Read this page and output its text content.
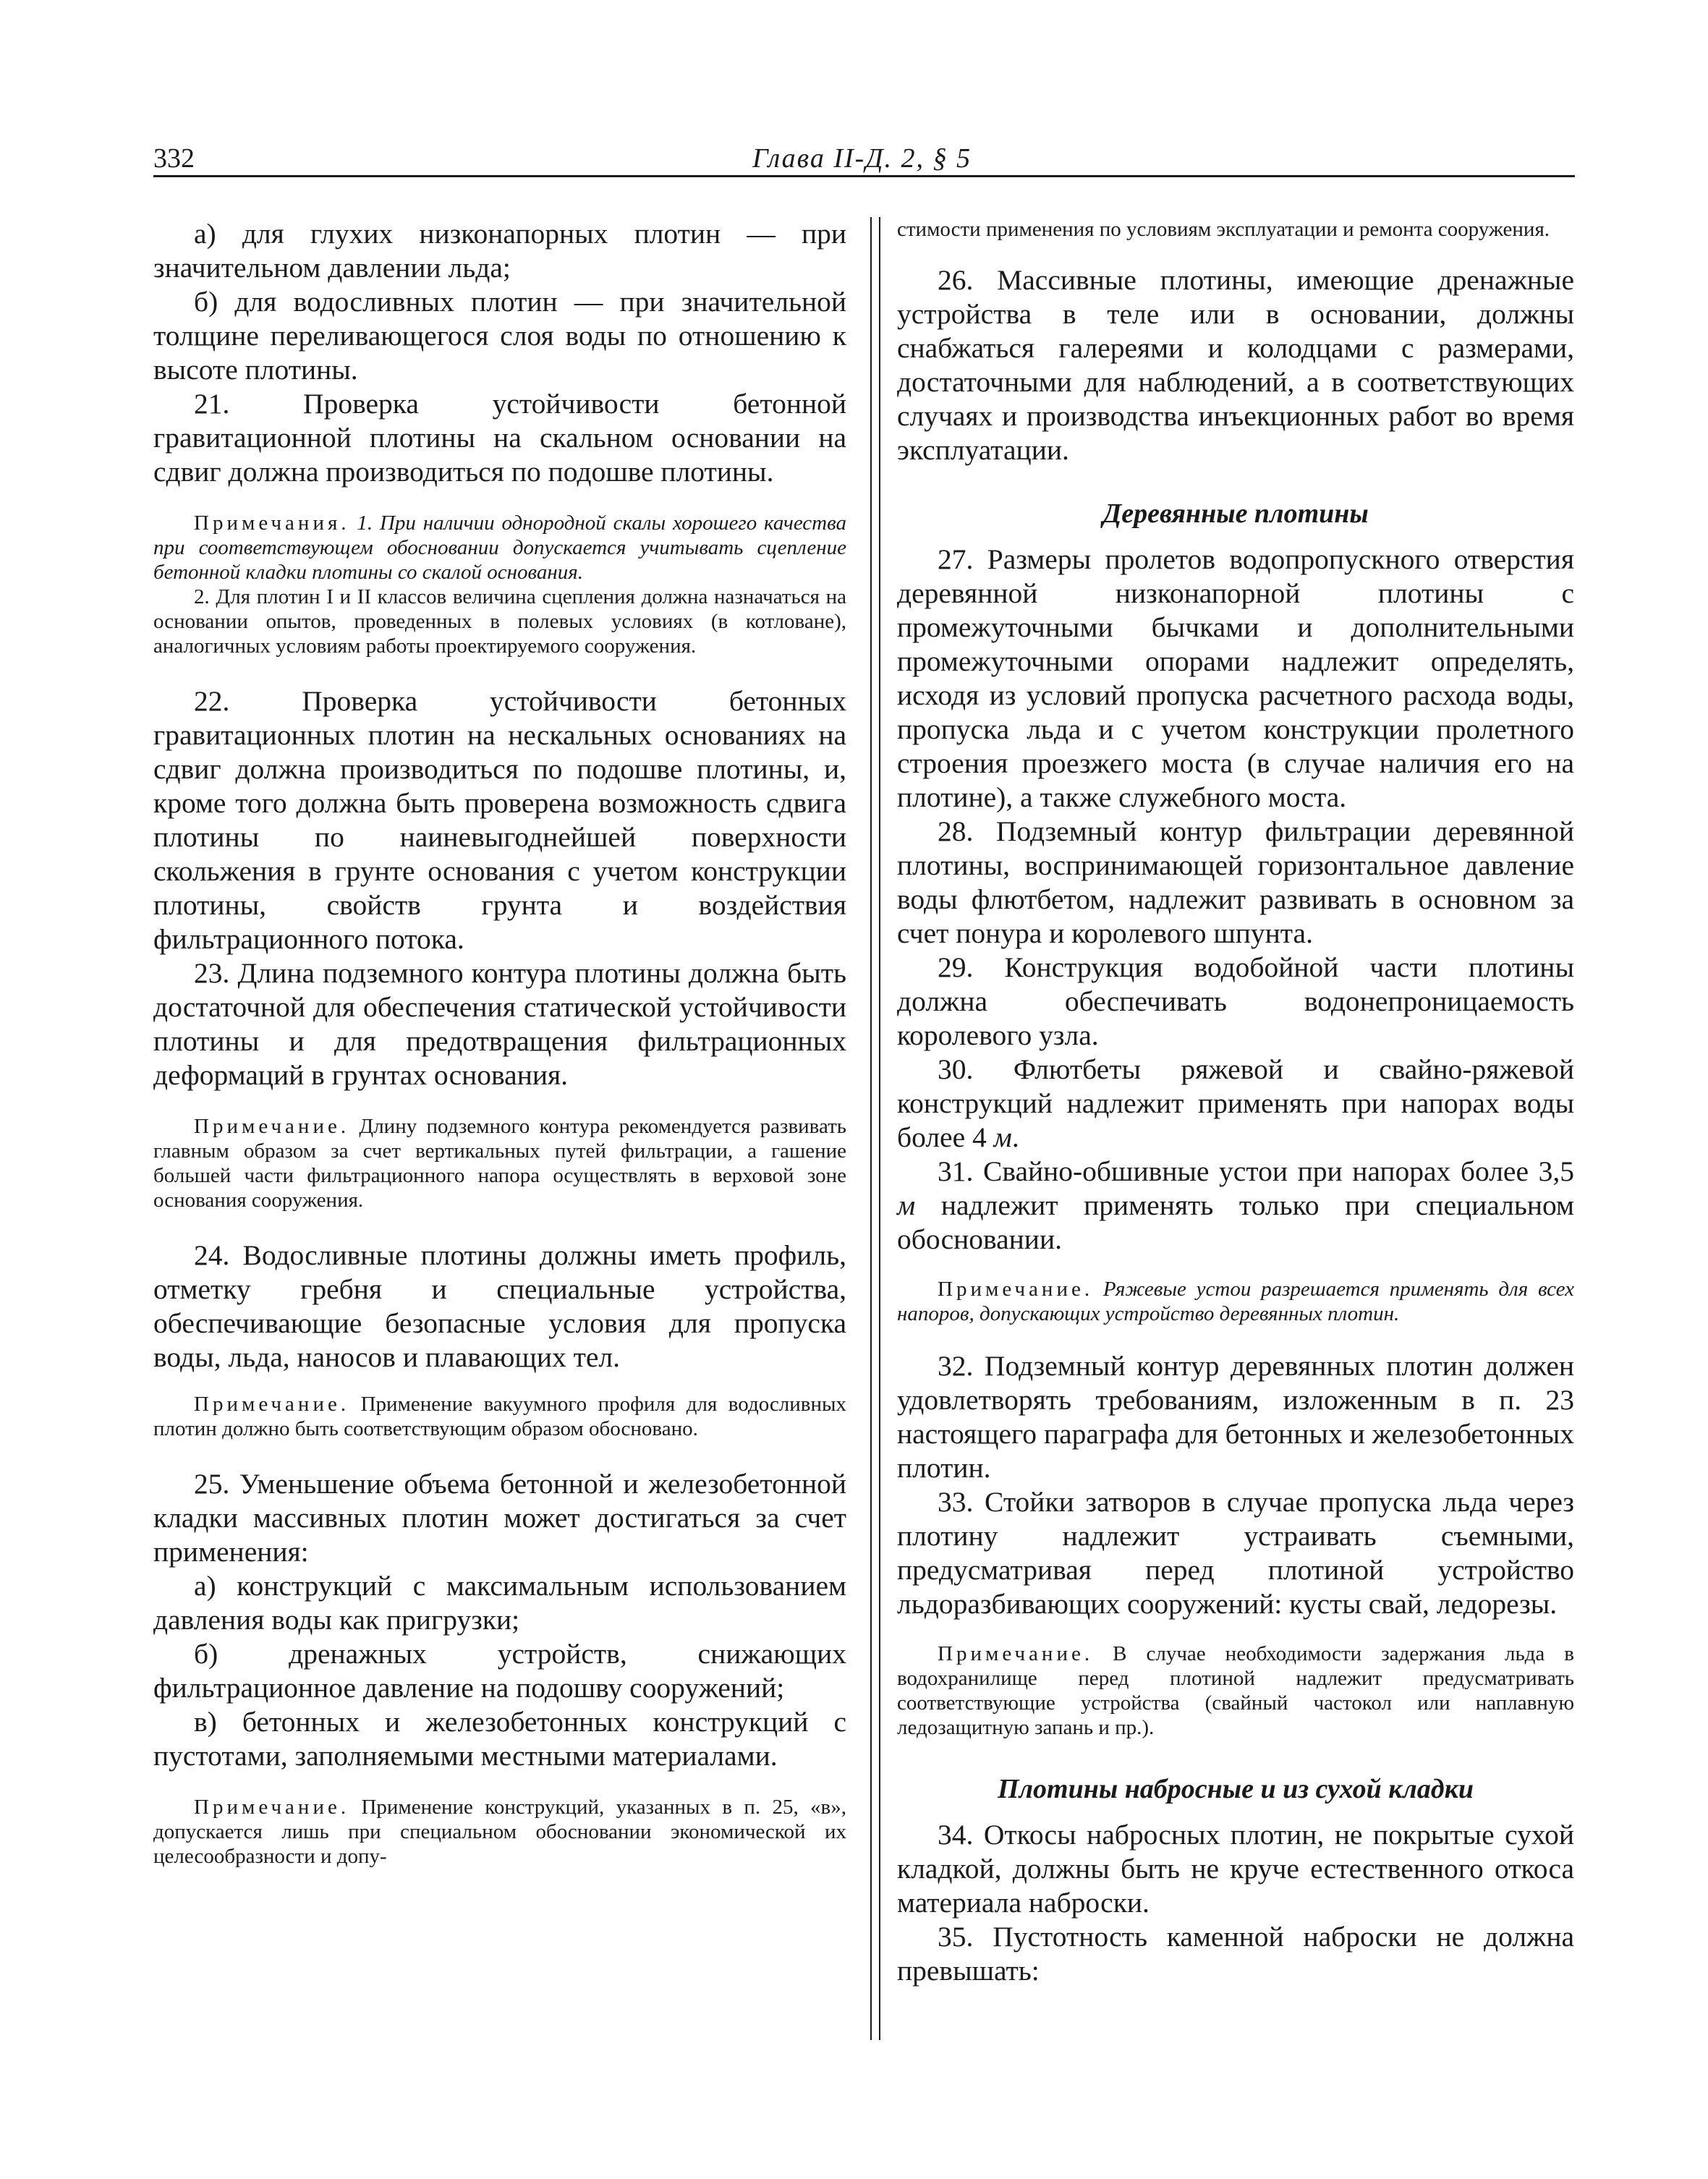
332	Глава II-Д. 2, § 5

а) для глухих низконапорных плотин — при значительном давлении льда;

б) для водосливных плотин — при значительной толщине переливающегося слоя воды по отношению к высоте плотины.

21. Проверка устойчивости бетонной гравитационной плотины на скальном основании на сдвиг должна производиться по подошве плотины.

Примечания. 1. При наличии однородной скалы хорошего качества при соответствующем обосновании допускается учитывать сцепление бетонной кладки плотины со скалой основания.

2. Для плотин I и II классов величина сцепления должна назначаться на основании опытов, проведенных в полевых условиях (в котловане), аналогичных условиям работы проектируемого сооружения.

22. Проверка устойчивости бетонных гравитационных плотин на нескальных основаниях на сдвиг должна производиться по подошве плотины, и, кроме того должна быть проверена возможность сдвига плотины по наиневыгоднейшей поверхности скольжения в грунте основания с учетом конструкции плотины, свойств грунта и воздействия фильтрационного потока.

23. Длина подземного контура плотины должна быть достаточной для обеспечения статической устойчивости плотины и для предотвращения фильтрационных деформаций в грунтах основания.

Примечание. Длину подземного контура рекомендуется развивать главным образом за счет вертикальных путей фильтрации, а гашение большей части фильтрационного напора осуществлять в верховой зоне основания сооружения.

24. Водосливные плотины должны иметь профиль, отметку гребня и специальные устройства, обеспечивающие безопасные условия для пропуска воды, льда, наносов и плавающих тел.

Примечание. Применение вакуумного профиля для водосливных плотин должно быть соответствующим образом обосновано.

25. Уменьшение объема бетонной и железобетонной кладки массивных плотин может достигаться за счет применения:

а) конструкций с максимальным использованием давления воды как пригрузки;

б) дренажных устройств, снижающих фильтрационное давление на подошву сооружений;

в) бетонных и железобетонных конструкций с пустотами, заполняемыми местными материалами.

Примечание. Применение конструкций, указанных в п. 25, «в», допускается лишь при специальном обосновании экономической их целесообразности и допу-

стимости применения по условиям эксплуатации и ремонта сооружения.

26. Массивные плотины, имеющие дренажные устройства в теле или в основании, должны снабжаться галереями и колодцами с размерами, достаточными для наблюдений, а в соответствующих случаях и производства инъекционных работ во время эксплуатации.

Деревянные плотины

27. Размеры пролетов водопропускного отверстия деревянной низконапорной плотины с промежуточными бычками и дополнительными промежуточными опорами надлежит определять, исходя из условий пропуска расчетного расхода воды, пропуска льда и с учетом конструкции пролетного строения проезжего моста (в случае наличия его на плотине), а также служебного моста.

28. Подземный контур фильтрации деревянной плотины, воспринимающей горизонтальное давление воды флютбетом, надлежит развивать в основном за счет понура и королевого шпунта.

29. Конструкция водобойной части плотины должна обеспечивать водонепроницаемость королевого узла.

30. Флютбеты ряжевой и свайно-ряжевой конструкций надлежит применять при напорах воды более 4 м.

31. Свайно-обшивные устои при напорах более 3,5 м надлежит применять только при специальном обосновании.

Примечание. Ряжевые устои разрешается применять для всех напоров, допускающих устройство деревянных плотин.

32. Подземный контур деревянных плотин должен удовлетворять требованиям, изложенным в п. 23 настоящего параграфа для бетонных и железобетонных плотин.

33. Стойки затворов в случае пропуска льда через плотину надлежит устраивать съемными, предусматривая перед плотиной устройство льдоразбивающих сооружений: кусты свай, ледорезы.

Примечание. В случае необходимости задержания льда в водохранилище перед плотиной надлежит предусматривать соответствующие устройства (свайный частокол или наплавную ледозащитную запань и пр.).

Плотины набросные и из сухой кладки

34. Откосы набросных плотин, не покрытые сухой кладкой, должны быть не круче естественного откоса материала наброски.

35. Пустотность каменной наброски не должна превышать:
